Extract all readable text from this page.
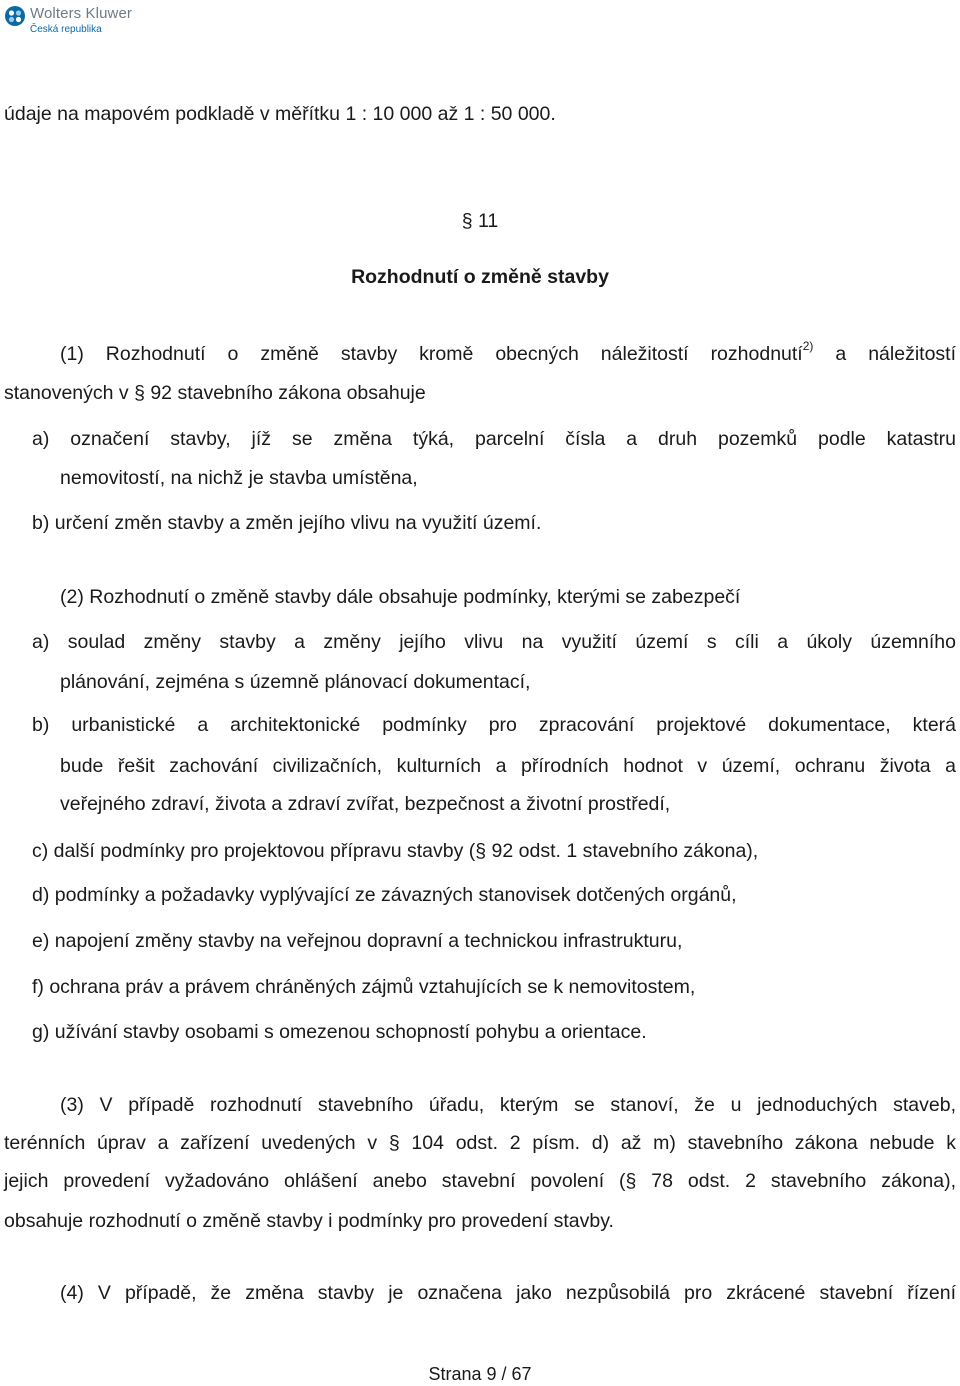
Wolters Kluwer
Česká republika
údaje na mapovém podkladě v měřítku 1 : 10 000 až 1 : 50 000.
§ 11
Rozhodnutí o změně stavby
(1) Rozhodnutí o změně stavby kromě obecných náležitostí rozhodnutí$^{2)}$ a náležitostí
stanovených v § 92 stavebního zákona obsahuje
a) označení stavby, jíž se změna týká, parcelní čísla a druh pozemků podle katastru
nemovitostí, na nichž je stavba umístěna,
b) určení změn stavby a změn jejího vlivu na využití území.
(2) Rozhodnutí o změně stavby dále obsahuje podmínky, kterými se zabezpečí
a) soulad změny stavby a změny jejího vlivu na využití území s cíli a úkoly územního
plánování, zejména s územně plánovací dokumentací,
b) urbanistické a architektonické podmínky pro zpracování projektové dokumentace, která
bude řešit zachování civilizačních, kulturních a přírodních hodnot v území, ochranu života a
veřejného zdraví, života a zdraví zvířat, bezpečnost a životní prostředí,
c) další podmínky pro projektovou přípravu stavby (§ 92 odst. 1 stavebního zákona),
d) podmínky a požadavky vyplývající ze závazných stanovisek dotčených orgánů,
e) napojení změny stavby na veřejnou dopravní a technickou infrastrukturu,
f) ochrana práv a právem chráněných zájmů vztahujících se k nemovitostem,
g) užívání stavby osobami s omezenou schopností pohybu a orientace.
(3) V případě rozhodnutí stavebního úřadu, kterým se stanoví, že u jednoduchých staveb,
terénních úprav a zařízení uvedených v § 104 odst. 2 písm. d) až m) stavebního zákona nebude k
jejich provedení vyžadováno ohlášení anebo stavební povolení (§ 78 odst. 2 stavebního zákona),
obsahuje rozhodnutí o změně stavby i podmínky pro provedení stavby.
(4) V případě, že změna stavby je označena jako nezpůsobilá pro zkrácené stavební řízení
Strana 9 / 67
